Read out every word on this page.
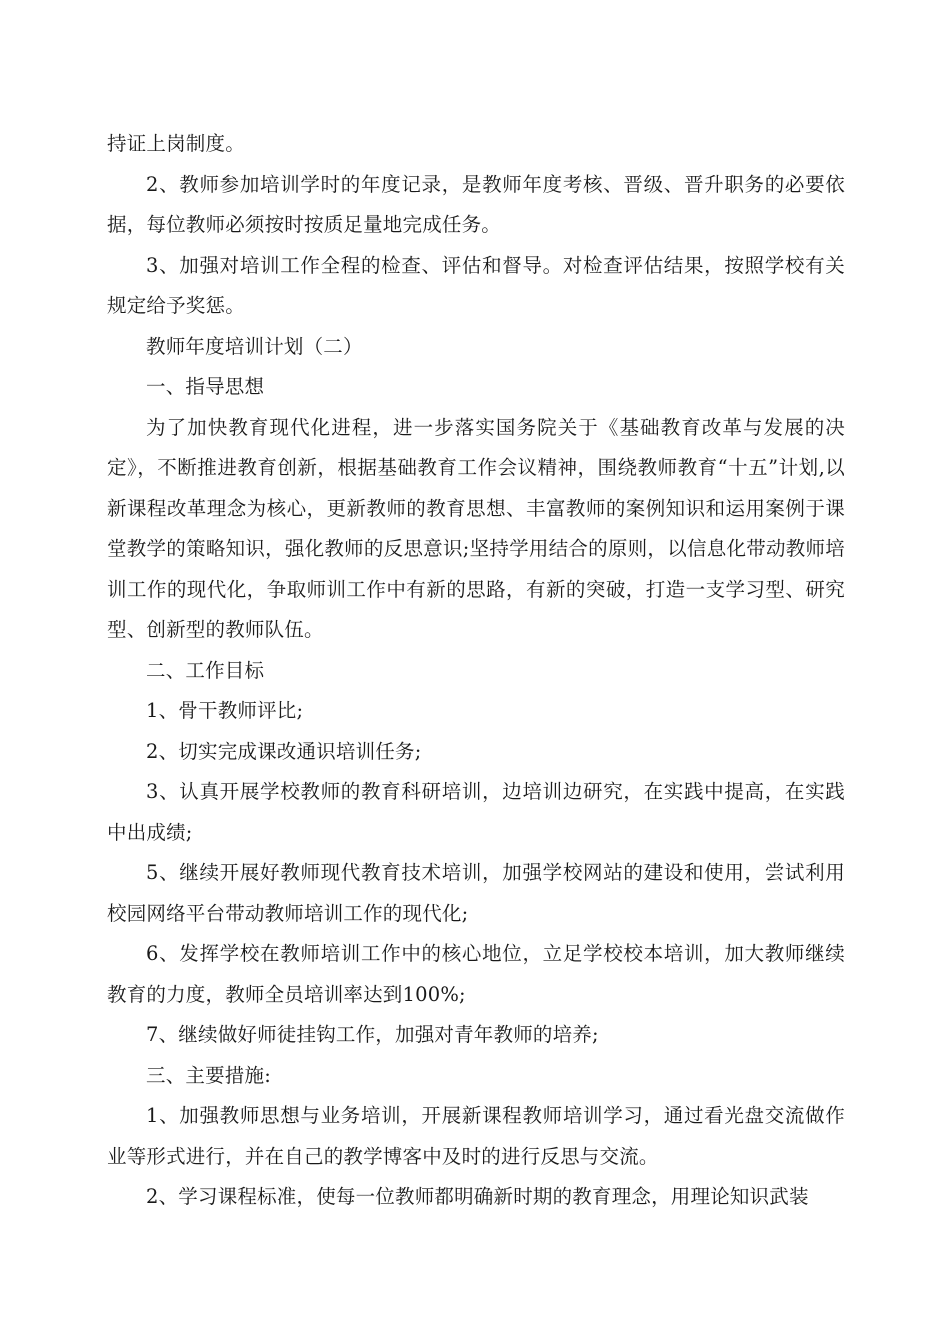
持证上岗制度。

2、教师参加培训学时的年度记录，是教师年度考核、晋级、晋升职务的必要依据，每位教师必须按时按质足量地完成任务。

3、加强对培训工作全程的检查、评估和督导。对检查评估结果，按照学校有关规定给予奖惩。

教师年度培训计划（二）

一、指导思想

为了加快教育现代化进程，进一步落实国务院关于《基础教育改革与发展的决定》，不断推进教育创新，根据基础教育工作会议精神，围绕教师教育“十五”计划,以新课程改革理念为核心，更新教师的教育思想、丰富教师的案例知识和运用案例于课堂教学的策略知识，强化教师的反思意识;坚持学用结合的原则，以信息化带动教师培训工作的现代化，争取师训工作中有新的思路，有新的突破，打造一支学习型、研究型、创新型的教师队伍。

二、工作目标

1、骨干教师评比;

2、切实完成课改通识培训任务;

3、认真开展学校教师的教育科研培训，边培训边研究，在实践中提高，在实践中出成绩;

5、继续开展好教师现代教育技术培训，加强学校网站的建设和使用，尝试利用校园网络平台带动教师培训工作的现代化;

6、发挥学校在教师培训工作中的核心地位，立足学校校本培训，加大教师继续教育的力度，教师全员培训率达到100%;

7、继续做好师徒挂钩工作，加强对青年教师的培养;

三、主要措施:

1、加强教师思想与业务培训，开展新课程教师培训学习，通过看光盘交流做作业等形式进行，并在自己的教学博客中及时的进行反思与交流。

2、学习课程标准，使每一位教师都明确新时期的教育理念，用理论知识武装
